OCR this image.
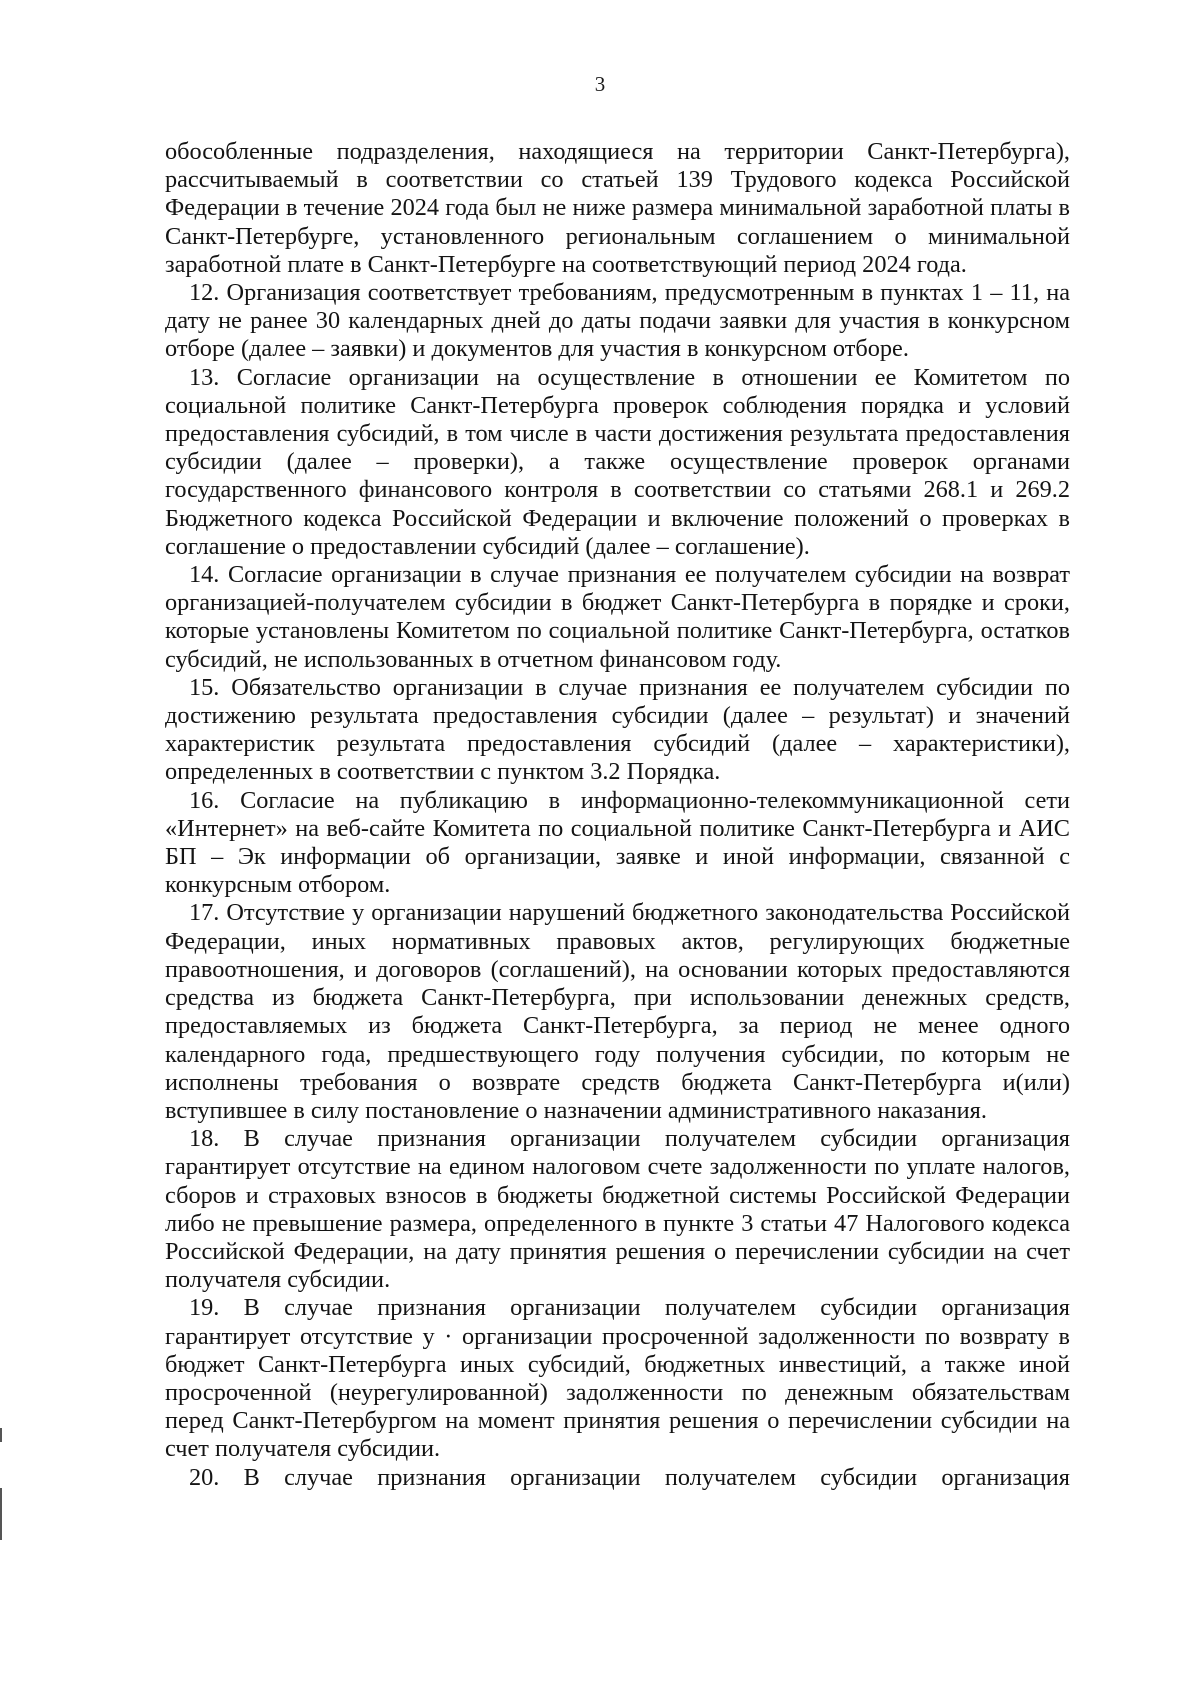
3

обособленные подразделения, находящиеся на территории Санкт-Петербурга), рассчитываемый в соответствии со статьей 139 Трудового кодекса Российской Федерации в течение 2024 года был не ниже размера минимальной заработной платы в Санкт-Петербурге, установленного региональным соглашением о минимальной заработной плате в Санкт-Петербурге на соответствующий период 2024 года.

12. Организация соответствует требованиям, предусмотренным в пунктах 1 – 11, на дату не ранее 30 календарных дней до даты подачи заявки для участия в конкурсном отборе (далее – заявки) и документов для участия в конкурсном отборе.

13. Согласие организации на осуществление в отношении ее Комитетом по социальной политике Санкт-Петербурга проверок соблюдения порядка и условий предоставления субсидий, в том числе в части достижения результата предоставления субсидии (далее – проверки), а также осуществление проверок органами государственного финансового контроля в соответствии со статьями 268.1 и 269.2 Бюджетного кодекса Российской Федерации и включение положений о проверках в соглашение о предоставлении субсидий (далее – соглашение).

14. Согласие организации в случае признания ее получателем субсидии на возврат организацией-получателем субсидии в бюджет Санкт-Петербурга в порядке и сроки, которые установлены Комитетом по социальной политике Санкт-Петербурга, остатков субсидий, не использованных в отчетном финансовом году.

15. Обязательство организации в случае признания ее получателем субсидии по достижению результата предоставления субсидии (далее – результат) и значений характеристик результата предоставления субсидий (далее – характеристики), определенных в соответствии с пунктом 3.2 Порядка.

16. Согласие на публикацию в информационно-телекоммуникационной сети «Интернет» на веб-сайте Комитета по социальной политике Санкт-Петербурга и АИС БП – Эк информации об организации, заявке и иной информации, связанной с конкурсным отбором.

17. Отсутствие у организации нарушений бюджетного законодательства Российской Федерации, иных нормативных правовых актов, регулирующих бюджетные правоотношения, и договоров (соглашений), на основании которых предоставляются средства из бюджета Санкт-Петербурга, при использовании денежных средств, предоставляемых из бюджета Санкт-Петербурга, за период не менее одного календарного года, предшествующего году получения субсидии, по которым не исполнены требования о возврате средств бюджета Санкт-Петербурга и(или) вступившее в силу постановление о назначении административного наказания.

18. В случае признания организации получателем субсидии организация гарантирует отсутствие на едином налоговом счете задолженности по уплате налогов, сборов и страховых взносов в бюджеты бюджетной системы Российской Федерации либо не превышение размера, определенного в пункте 3 статьи 47 Налогового кодекса Российской Федерации, на дату принятия решения о перечислении субсидии на счет получателя субсидии.

19. В случае признания организации получателем субсидии организация гарантирует отсутствие у · организации просроченной задолженности по возврату в бюджет Санкт-Петербурга иных субсидий, бюджетных инвестиций, а также иной просроченной (неурегулированной) задолженности по денежным обязательствам перед Санкт-Петербургом на момент принятия решения о перечислении субсидии на счет получателя субсидии.

20. В случае признания организации получателем субсидии организация
